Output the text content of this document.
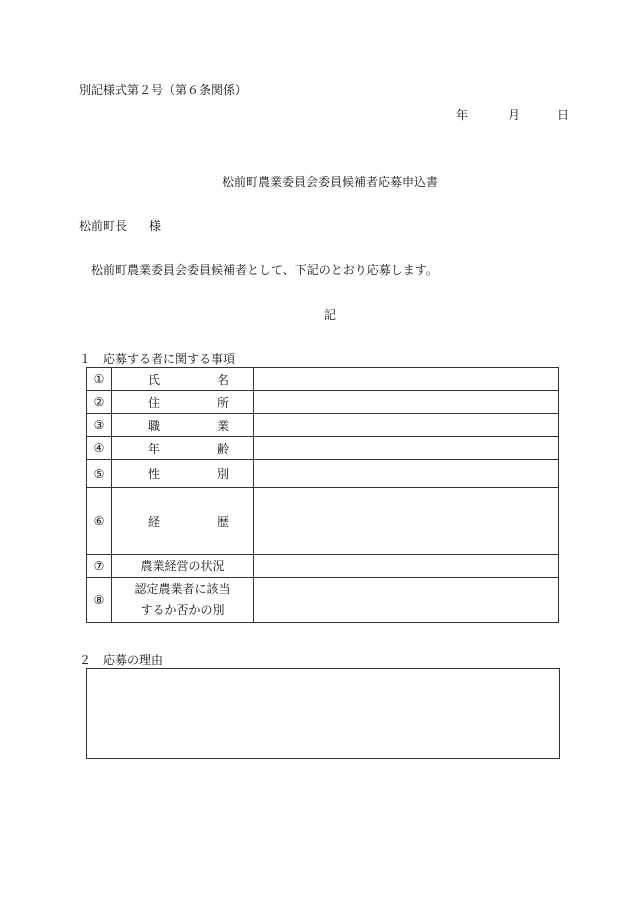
別記様式第２号（第６条関係）
年	月	日
松前町農業委員会委員候補者応募申込書
松前町長 様
松前町農業委員会委員候補者として、下記のとおり応募します。
記
１　応募する者に関する事項
①	氏 名	

②	住 所	

③	職 業	

④	年 齢	

⑤	性 別	

⑥	経 歴	

⑦	農業経営の状況	

⑧	認定農業者に該当
するか否かの別	

２　応募の理由
